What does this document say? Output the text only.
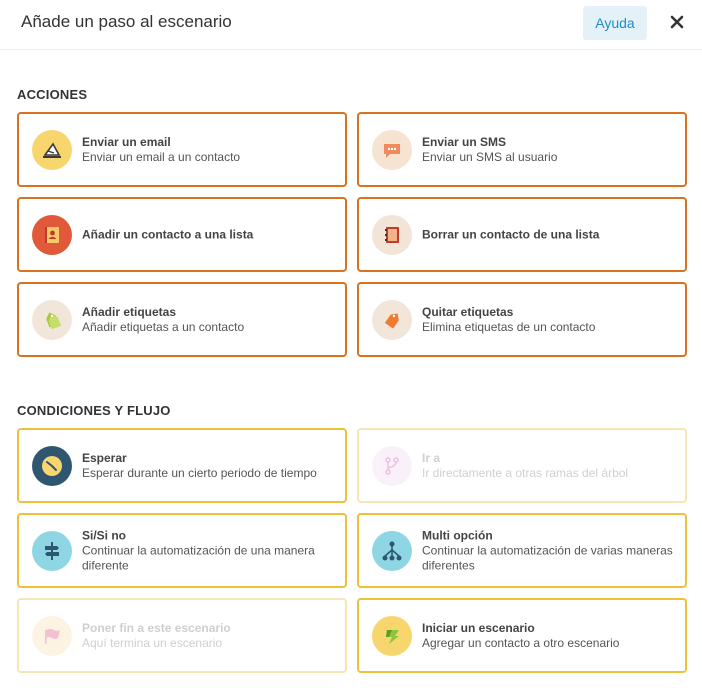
Añade un paso al escenario	Ayuda
ACCIONES
Enviar un email
Enviar un email a un contacto
Enviar un SMS
Enviar un SMS al usuario
Añadir un contacto a una lista	Borrar un contacto de una lista
Añadir etiquetas
Añadir etiquetas a un contacto
Quitar etiquetas
Elimina etiquetas de un contacto
CONDICIONES Y FLUJO
Esperar
Esperar durante un cierto periodo de tiempo
Ir a
Ir directamente a otras ramas del árbol
Si/Si no
Continuar la automatización de una manera diferente
Multi opción
Continuar la automatización de varias maneras diferentes
Poner fin a este escenario
Aquí termina un escenario
Iniciar un escenario
Agregar un contacto a otro escenario
